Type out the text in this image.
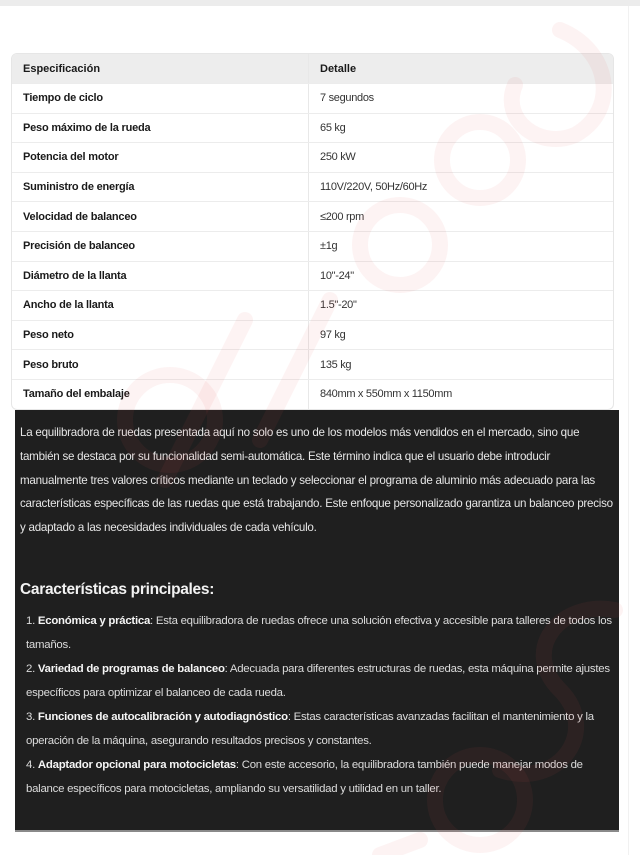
Especificación	Detalle
Tiempo de ciclo	7 segundos
Peso máximo de la rueda	65 kg
Potencia del motor	250 kW
Suministro de energía	110V/220V, 50Hz/60Hz
Velocidad de balanceo	≤200 rpm
Precisión de balanceo	±1g
Diámetro de la llanta	10"-24"
Ancho de la llanta	1.5"-20"
Peso neto	97 kg
Peso bruto	135 kg
Tamaño del embalaje	840mm x 550mm x 1150mm

La equilibradora de ruedas presentada aquí no solo es uno de los modelos más vendidos en el mercado, sino que también se destaca por su funcionalidad semi-automática. Este término indica que el usuario debe introducir manualmente tres valores críticos mediante un teclado y seleccionar el programa de aluminio más adecuado para las características específicas de las ruedas que está trabajando. Este enfoque personalizado garantiza un balanceo preciso y adaptado a las necesidades individuales de cada vehículo.

Características principales:
1. Económica y práctica: Esta equilibradora de ruedas ofrece una solución efectiva y accesible para talleres de todos los tamaños.
2. Variedad de programas de balanceo: Adecuada para diferentes estructuras de ruedas, esta máquina permite ajustes específicos para optimizar el balanceo de cada rueda.
3. Funciones de autocalibración y autodiagnóstico: Estas características avanzadas facilitan el mantenimiento y la operación de la máquina, asegurando resultados precisos y constantes.
4. Adaptador opcional para motocicletas: Con este accesorio, la equilibradora también puede manejar modos de balance específicos para motocicletas, ampliando su versatilidad y utilidad en un taller.
